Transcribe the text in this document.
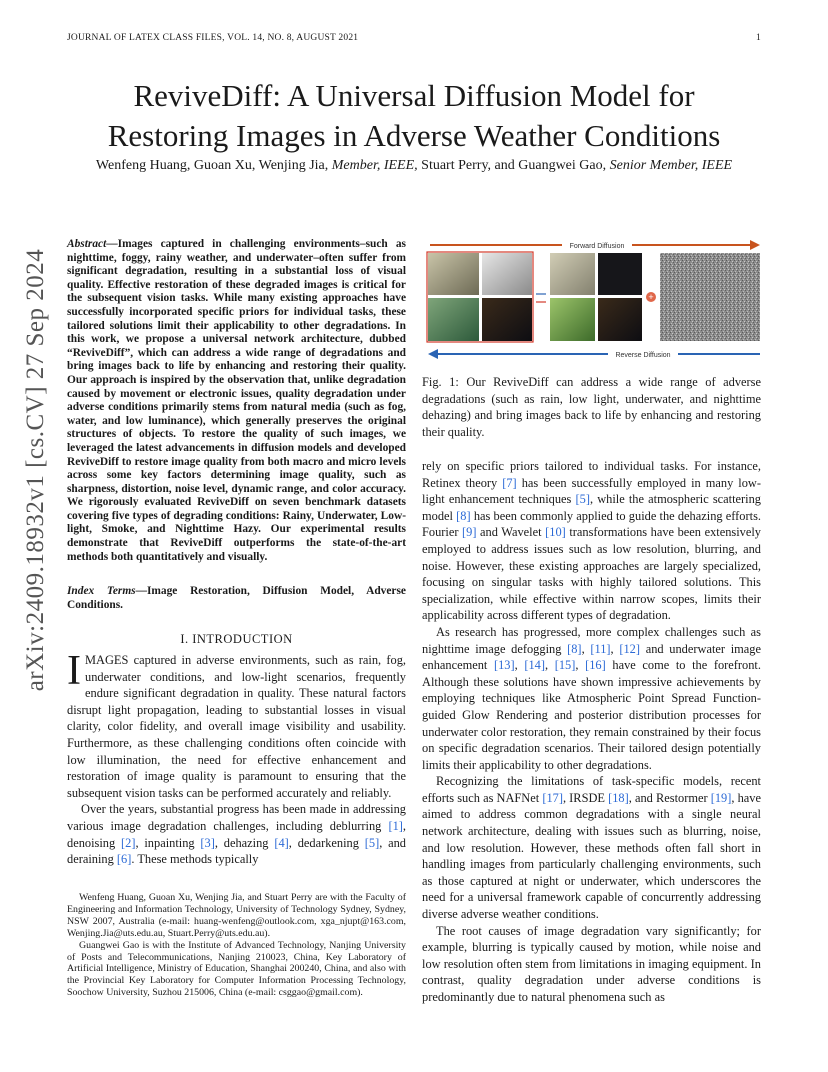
JOURNAL OF LATEX CLASS FILES, VOL. 14, NO. 8, AUGUST 2021	1
arXiv:2409.18932v1 [cs.CV] 27 Sep 2024
ReviveDiff: A Universal Diffusion Model for
Restoring Images in Adverse Weather Conditions
Wenfeng Huang, Guoan Xu, Wenjing Jia, Member, IEEE, Stuart Perry, and Guangwei Gao, Senior Member, IEEE
Abstract—Images captured in challenging environments–such as nighttime, foggy, rainy weather, and underwater–often suffer from significant degradation, resulting in a substantial loss of visual quality. Effective restoration of these degraded images is critical for the subsequent vision tasks. While many existing approaches have successfully incorporated specific priors for individual tasks, these tailored solutions limit their applicability to other degradations. In this work, we propose a universal network architecture, dubbed “ReviveDiff”, which can address a wide range of degradations and bring images back to life by enhancing and restoring their quality. Our approach is inspired by the observation that, unlike degradation caused by movement or electronic issues, quality degradation under adverse conditions primarily stems from natural media (such as fog, water, and low luminance), which generally preserves the original structures of objects. To restore the quality of such images, we leveraged the latest advancements in diffusion models and developed ReviveDiff to restore image quality from both macro and micro levels across some key factors determining image quality, such as sharpness, distortion, noise level, dynamic range, and color accuracy. We rigorously evaluated ReviveDiff on seven benchmark datasets covering five types of degrading conditions: Rainy, Underwater, Low-light, Smoke, and Nighttime Hazy. Our experimental results demonstrate that ReviveDiff outperforms the state-of-the-art methods both quantitatively and visually.
Index Terms—Image Restoration, Diffusion Model, Adverse Conditions.
I. INTRODUCTION

IMAGES captured in adverse environments, such as rain, fog, underwater conditions, and low-light scenarios, frequently endure significant degradation in quality. These natural factors disrupt light propagation, leading to substantial losses in visual clarity, color fidelity, and overall image visibility and usability. Furthermore, as these challenging conditions often coincide with low illumination, the need for effective enhancement and restoration of image quality is paramount to ensuring that the subsequent vision tasks can be performed accurately and reliably.

Over the years, substantial progress has been made in addressing various image degradation challenges, including deblurring [1], denoising [2], inpainting [3], dehazing [4], dedarkening [5], and deraining [6]. These methods typically

Wenfeng Huang, Guoan Xu, Wenjing Jia, and Stuart Perry are with the Faculty of Engineering and Information Technology, University of Technology Sydney, Sydney, NSW 2007, Australia (e-mail: huang-wenfeng@outlook.com, xga_njupt@163.com, Wenjing.Jia@uts.edu.au, Stuart.Perry@uts.edu.au).

Guangwei Gao is with the Institute of Advanced Technology, Nanjing University of Posts and Telecommunications, Nanjing 210023, China, Key Laboratory of Artificial Intelligence, Ministry of Education, Shanghai 200240, China, and also with the Provincial Key Laboratory for Computer Information Processing Technology, Soochow University, Suzhou 215006, China (e-mail: csggao@gmail.com).

Forward Diffusion
+
Reverse Diffusion
Fig. 1: Our ReviveDiff can address a wide range of adverse degradations (such as rain, low light, underwater, and nighttime dehazing) and bring images back to life by enhancing and restoring their quality.

rely on specific priors tailored to individual tasks. For instance, Retinex theory [7] has been successfully employed in many low-light enhancement techniques [5], while the atmospheric scattering model [8] has been commonly applied to guide the dehazing efforts. Fourier [9] and Wavelet [10] transformations have been extensively employed to address issues such as low resolution, blurring, and noise. However, these existing approaches are largely specialized, focusing on singular tasks with highly tailored solutions. This specialization, while effective within narrow scopes, limits their applicability across different types of degradation.

As research has progressed, more complex challenges such as nighttime image defogging [8], [11], [12] and underwater image enhancement [13], [14], [15], [16] have come to the forefront. Although these solutions have shown impressive achievements by employing techniques like Atmospheric Point Spread Function-guided Glow Rendering and posterior distribution processes for underwater color restoration, they remain constrained by their focus on specific degradation scenarios. Their tailored design potentially limits their applicability to other degradations.

Recognizing the limitations of task-specific models, recent efforts such as NAFNet [17], IRSDE [18], and Restormer [19], have aimed to address common degradations with a single neural network architecture, dealing with issues such as blurring, noise, and low resolution. However, these methods often fall short in handling images from particularly challenging environments, such as those captured at night or underwater, which underscores the need for a universal framework capable of concurrently addressing diverse adverse weather conditions.

The root causes of image degradation vary significantly; for example, blurring is typically caused by motion, while noise and low resolution often stem from limitations in imaging equipment. In contrast, quality degradation under adverse conditions is predominantly due to natural phenomena such as
